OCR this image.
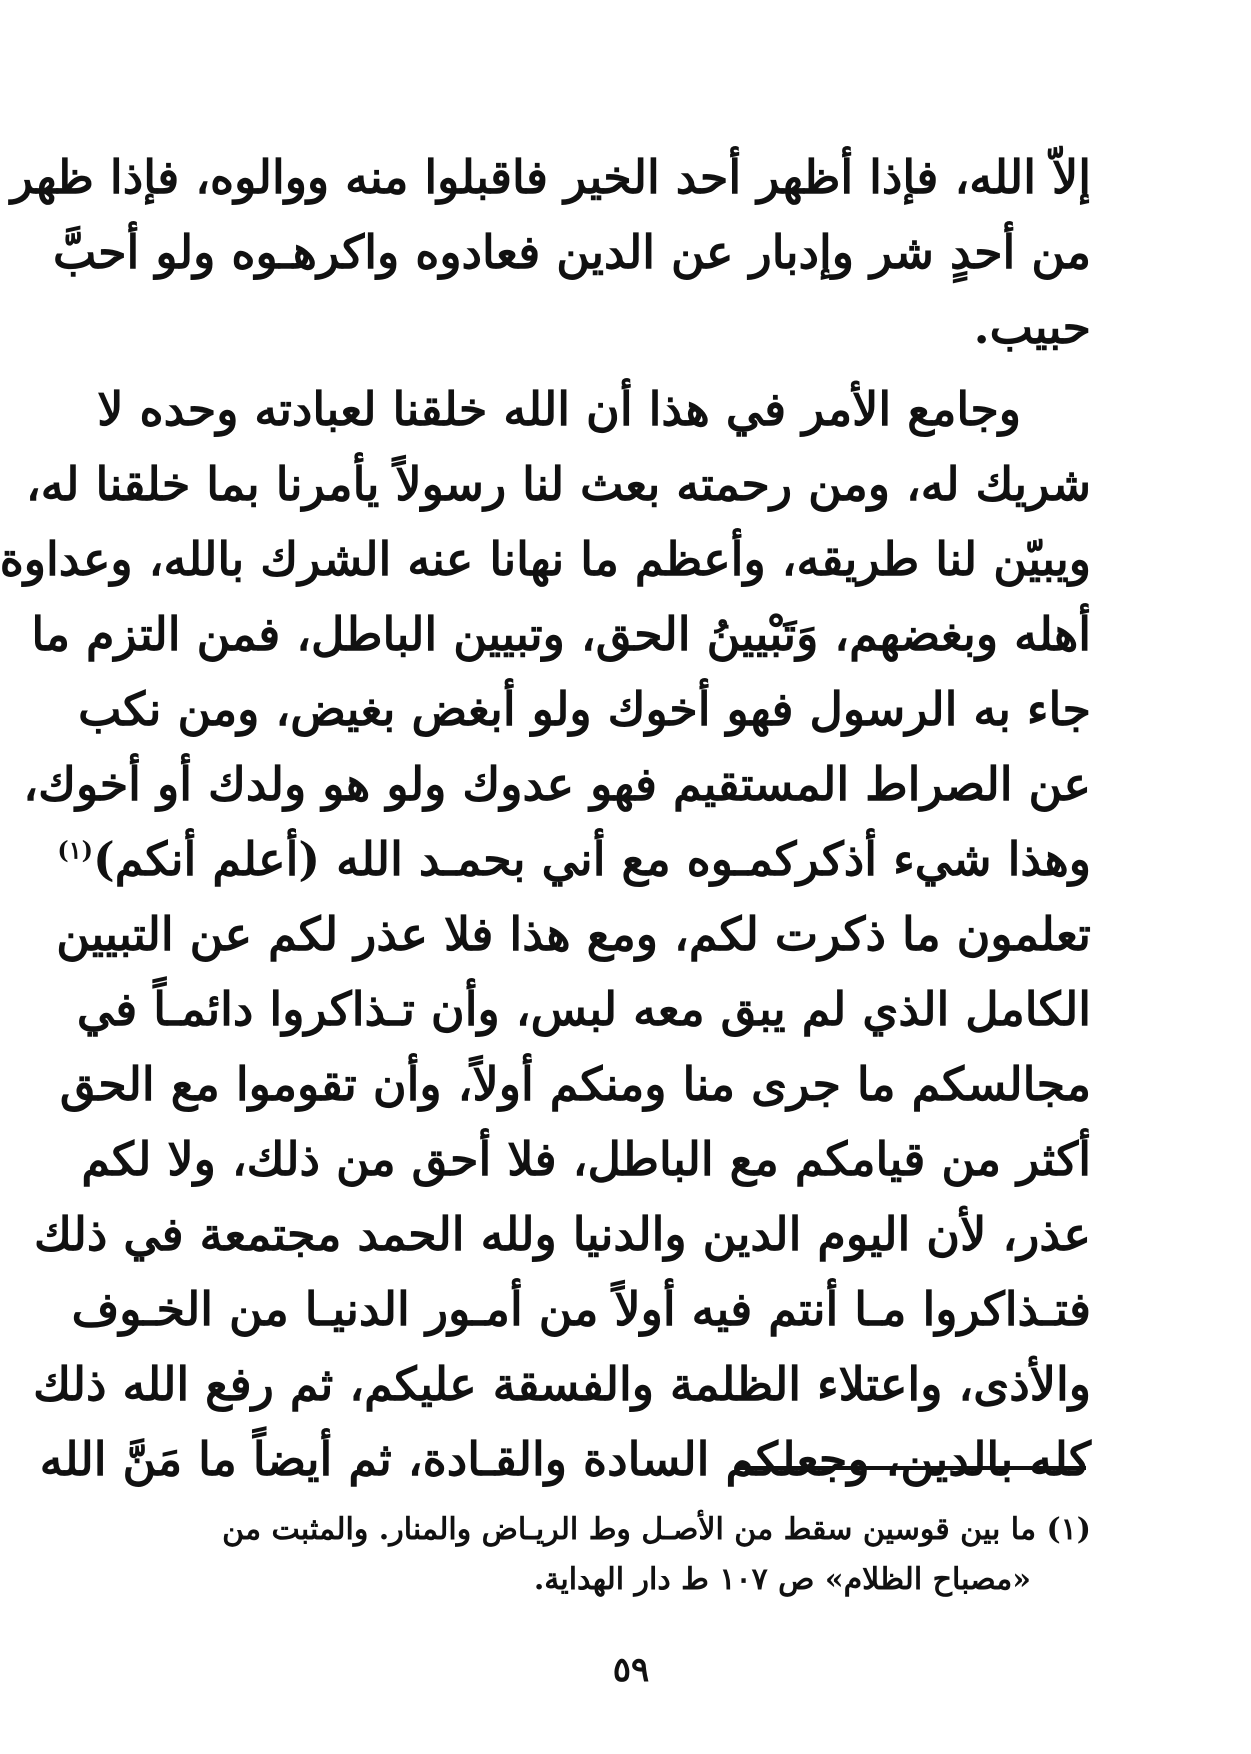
إلاّ الله، فإذا أظهر أحد الخير فاقبلوا منه ووالوه، فإذا ظهر
من أحدٍ شر وإدبار عن الدين فعادوه واكرهـوه ولو أحبَّ
حبيب.
وجامع الأمر في هذا أن الله خلقنا لعبادته وحده لا
شريك له، ومن رحمته بعث لنا رسولاً يأمرنا بما خلقنا له،
ويبيّن لنا طريقه، وأعظم ما نهانا عنه الشرك بالله، وعداوة
أهله وبغضهم، وَتَبْيينُ الحق، وتبيين الباطل، فمن التزم ما
جاء به الرسول فهو أخوك ولو أبغض بغيض، ومن نكب
عن الصراط المستقيم فهو عدوك ولو هو ولدك أو أخوك،
وهذا شيء أذكركمـوه مع أني بحمـد الله (أعلم أنكم)$^{(١)}$
تعلمون ما ذكرت لكم، ومع هذا فلا عذر لكم عن التبيين
الكامل الذي لم يبق معه لبس، وأن تـذاكروا دائمـاً في
مجالسكم ما جرى منا ومنكم أولاً، وأن تقوموا مع الحق
أكثر من قيامكم مع الباطل، فلا أحق من ذلك، ولا لكم
عذر، لأن اليوم الدين والدنيا ولله الحمد مجتمعة في ذلك
فتـذاكروا مـا أنتم فيه أولاً من أمـور الدنيـا من الخـوف
والأذى، واعتلاء الظلمة والفسقة عليكم، ثم رفع الله ذلك
كله بالدين، وجعلكم السادة والقـادة، ثم أيضاً ما مَنَّ الله
(١) ما بين قوسين سقط من الأصـل وط الريـاض والمنار. والمثبت من
«مصباح الظلام» ص ١٠٧ ط دار الهداية.
٥٩
